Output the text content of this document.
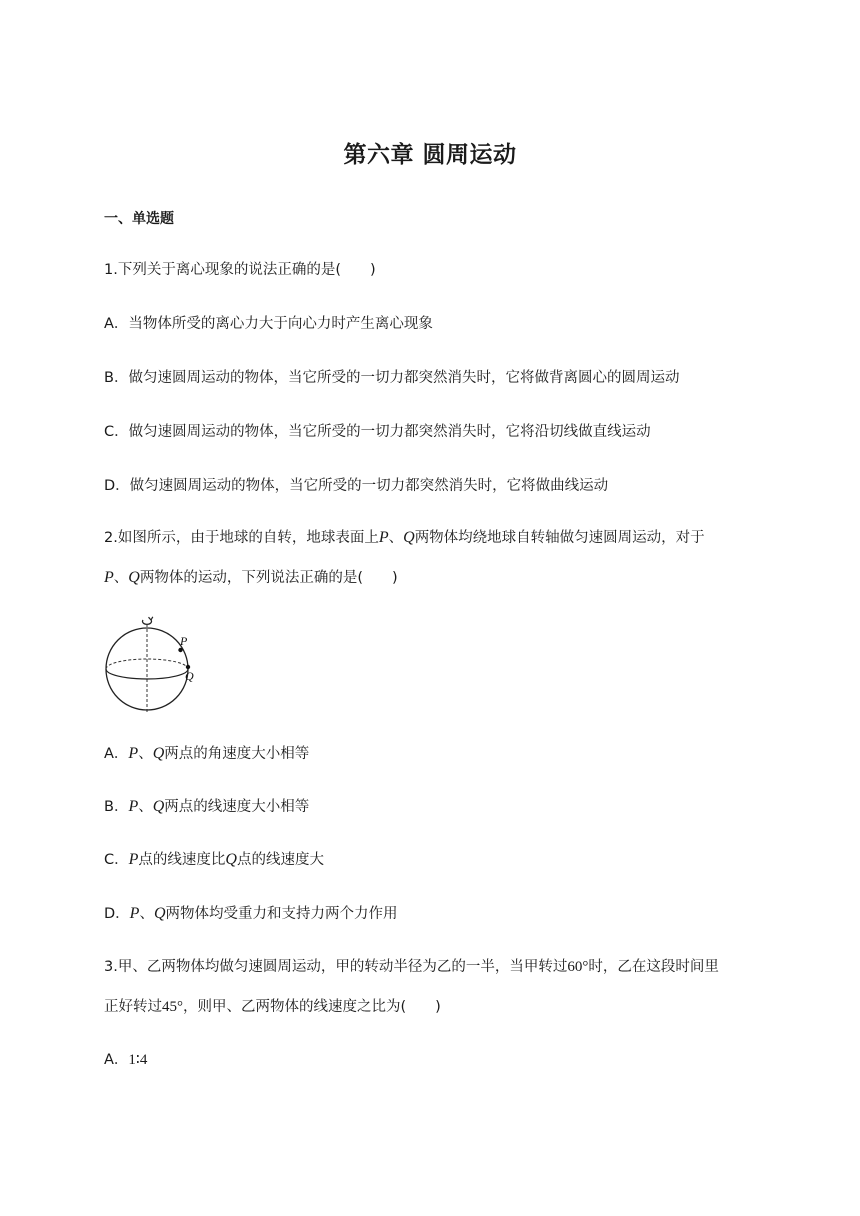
第六章 圆周运动
一、单选题
1.下列关于离心现象的说法正确的是(　　)
A．当物体所受的离心力大于向心力时产生离心现象
B．做匀速圆周运动的物体，当它所受的一切力都突然消失时，它将做背离圆心的圆周运动
C．做匀速圆周运动的物体，当它所受的一切力都突然消失时，它将沿切线做直线运动
D．做匀速圆周运动的物体，当它所受的一切力都突然消失时，它将做曲线运动
2.如图所示，由于地球的自转，地球表面上P、Q两物体均绕地球自转轴做匀速圆周运动，对于
P、Q两物体的运动，下列说法正确的是(　　)
P
Q
A．P、Q两点的角速度大小相等
B．P、Q两点的线速度大小相等
C．P点的线速度比Q点的线速度大
D．P、Q两物体均受重力和支持力两个力作用
3.甲、乙两物体均做匀速圆周运动，甲的转动半径为乙的一半，当甲转过60°时，乙在这段时间里
正好转过45°，则甲、乙两物体的线速度之比为(　　)
A．1∶4
